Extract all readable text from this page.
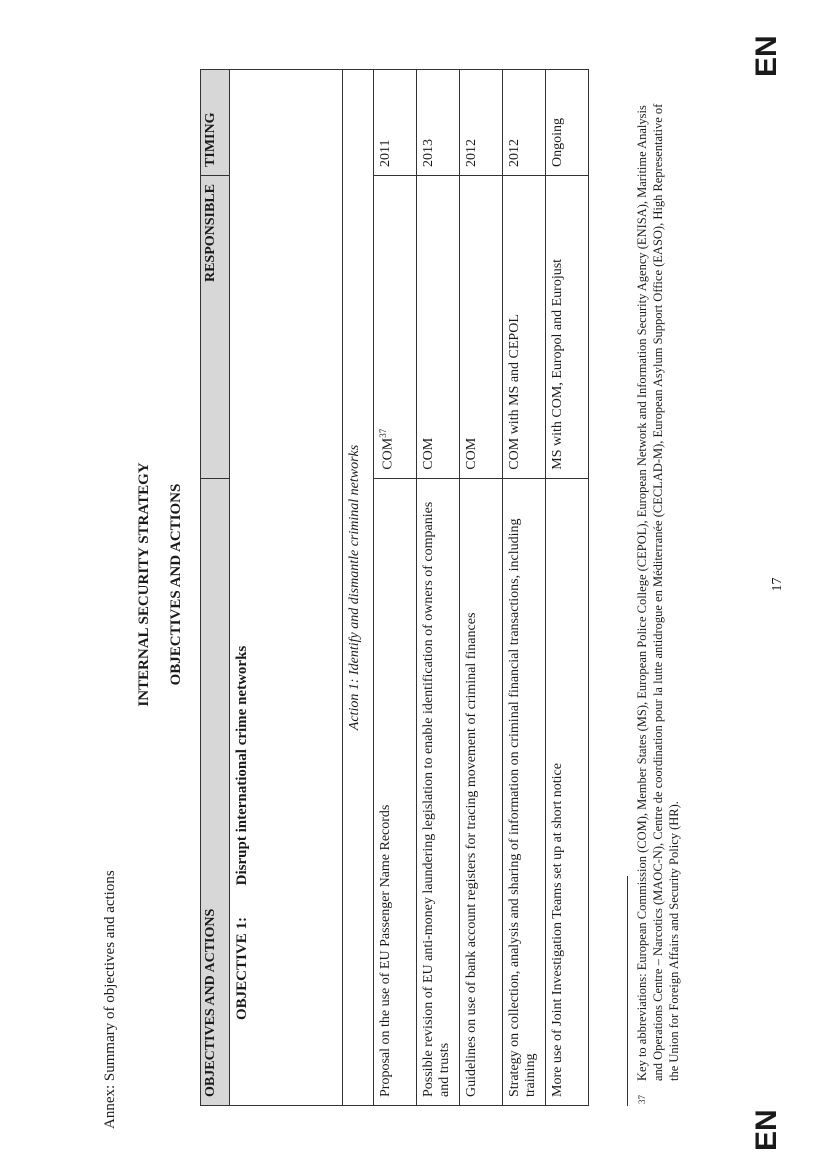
Annex: Summary of objectives and actions
INTERNAL SECURITY STRATEGY OBJECTIVES AND ACTIONS
OBJECTIVES AND ACTIONS	RESPONSIBLE	TIMING
OBJECTIVE 1: Disrupt international crime networks		
Action 1: Identify and dismantle criminal networks		
Proposal on the use of EU Passenger Name Records	COM$^{37}$	2011
Possible revision of EU anti-money laundering legislation to enable identification of owners of companies and trusts	COM	2013
Guidelines on use of bank account registers for tracing movement of criminal finances	COM	2012
Strategy on collection, analysis and sharing of information on criminal financial transactions, including training	COM with MS and CEPOL	2012
More use of Joint Investigation Teams set up at short notice	MS with COM, Europol and Eurojust	Ongoing
37
Key to abbreviations: European Commission (COM), Member States (MS), European Police College (CEPOL), European Network and Information Security Agency (ENISA), Maritime Analysis and Operations Centre – Narcotics (MAOC-N), Centre de coordination pour la lutte antidrogue en Méditerranée (CECLAD-M), European Asylum Support Office (EASO), High Representative of the Union for Foreign Affairs and Security Policy (HR).
EN
17
EN
